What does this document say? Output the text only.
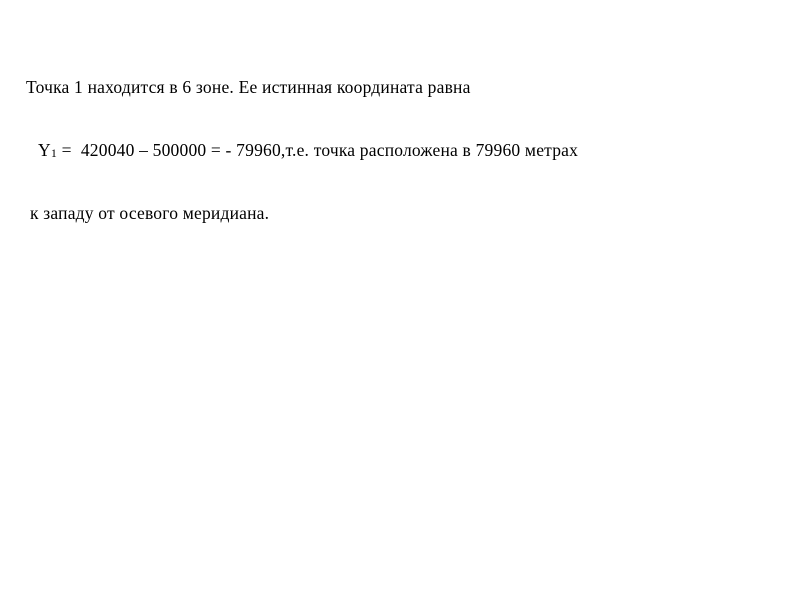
Точка 1 находится в 6 зоне. Ее истинная координата равна

Y1 =  420040 – 500000 = - 79960,т.е. точка расположена в 79960 метрах

к западу от осевого меридиана.
